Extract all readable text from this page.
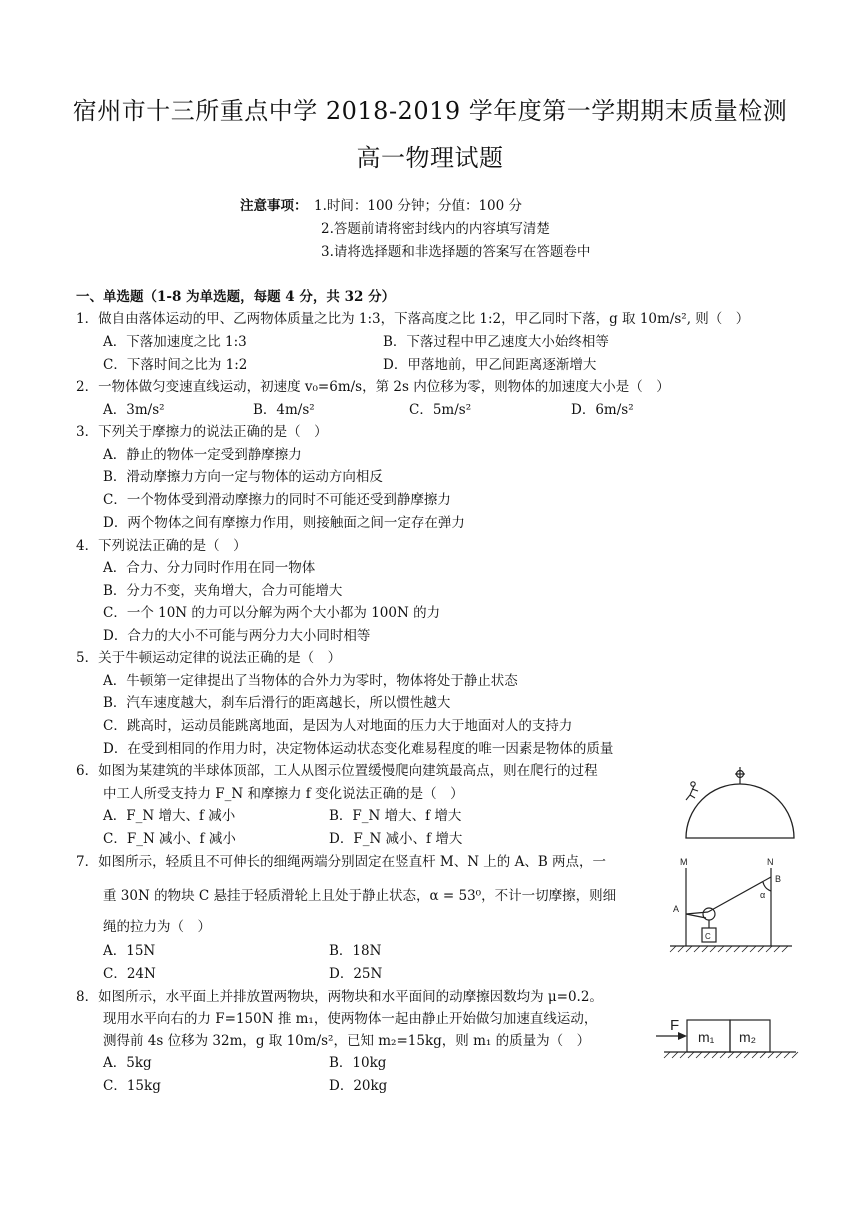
宿州市十三所重点中学 2018-2019 学年度第一学期期末质量检测
高一物理试题
注意事项： 1.时间：100 分钟；分值：100 分
2.答题前请将密封线内的内容填写清楚
3.请将选择题和非选择题的答案写在答题卷中
一、单选题（1-8 为单选题，每题 4 分，共 32 分）
1．做自由落体运动的甲、乙两物体质量之比为 1:3，下落高度之比 1:2，甲乙同时下落，g 取 10m/s², 则（　）
A．下落加速度之比 1:3	B．下落过程中甲乙速度大小始终相等
C．下落时间之比为 1:2	D．甲落地前，甲乙间距离逐渐增大
2．一物体做匀变速直线运动，初速度 v₀=6m/s，第 2s 内位移为零，则物体的加速度大小是（　）
A．3m/s²	B．4m/s²	C．5m/s²	D．6m/s²
3．下列关于摩擦力的说法正确的是（　）
A．静止的物体一定受到静摩擦力
B．滑动摩擦力方向一定与物体的运动方向相反
C．一个物体受到滑动摩擦力的同时不可能还受到静摩擦力
D．两个物体之间有摩擦力作用，则接触面之间一定存在弹力
4．下列说法正确的是（　）
A．合力、分力同时作用在同一物体
B．分力不变，夹角增大，合力可能增大
C．一个 10N 的力可以分解为两个大小都为 100N 的力
D．合力的大小不可能与两分力大小同时相等
5．关于牛顿运动定律的说法正确的是（　）
A．牛顿第一定律提出了当物体的合外力为零时，物体将处于静止状态
B．汽车速度越大，刹车后滑行的距离越长，所以惯性越大
C．跳高时，运动员能跳离地面，是因为人对地面的压力大于地面对人的支持力
D．在受到相同的作用力时，决定物体运动状态变化难易程度的唯一因素是物体的质量
6．如图为某建筑的半球体顶部，工人从图示位置缓慢爬向建筑最高点，则在爬行的过程
中工人所受支持力 F_N 和摩擦力 f 变化说法正确的是（　）
A．F_N 增大、f 减小	B．F_N 增大、f 增大
C．F_N 减小、f 减小	D．F_N 减小、f 增大
7．如图所示，轻质且不可伸长的细绳两端分别固定在竖直杆 M、N 上的 A、B 两点，一
重 30N 的物块 C 悬挂于轻质滑轮上且处于静止状态，α = 53⁰，不计一切摩擦，则细
绳的拉力为（　）
A．15N	B．18N
C．24N	D．25N
8．如图所示，水平面上并排放置两物块，两物块和水平面间的动摩擦因数均为 μ=0.2。
现用水平向右的力 F=150N 推 m₁，使两物体一起由静止开始做匀加速直线运动，
测得前 4s 位移为 32m，g 取 10m/s²，已知 m₂=15kg，则 m₁ 的质量为（　）
A．5kg	B．10kg
C．15kg	D．20kg
M	N
A
B
C
α
F
m₁ m₂
